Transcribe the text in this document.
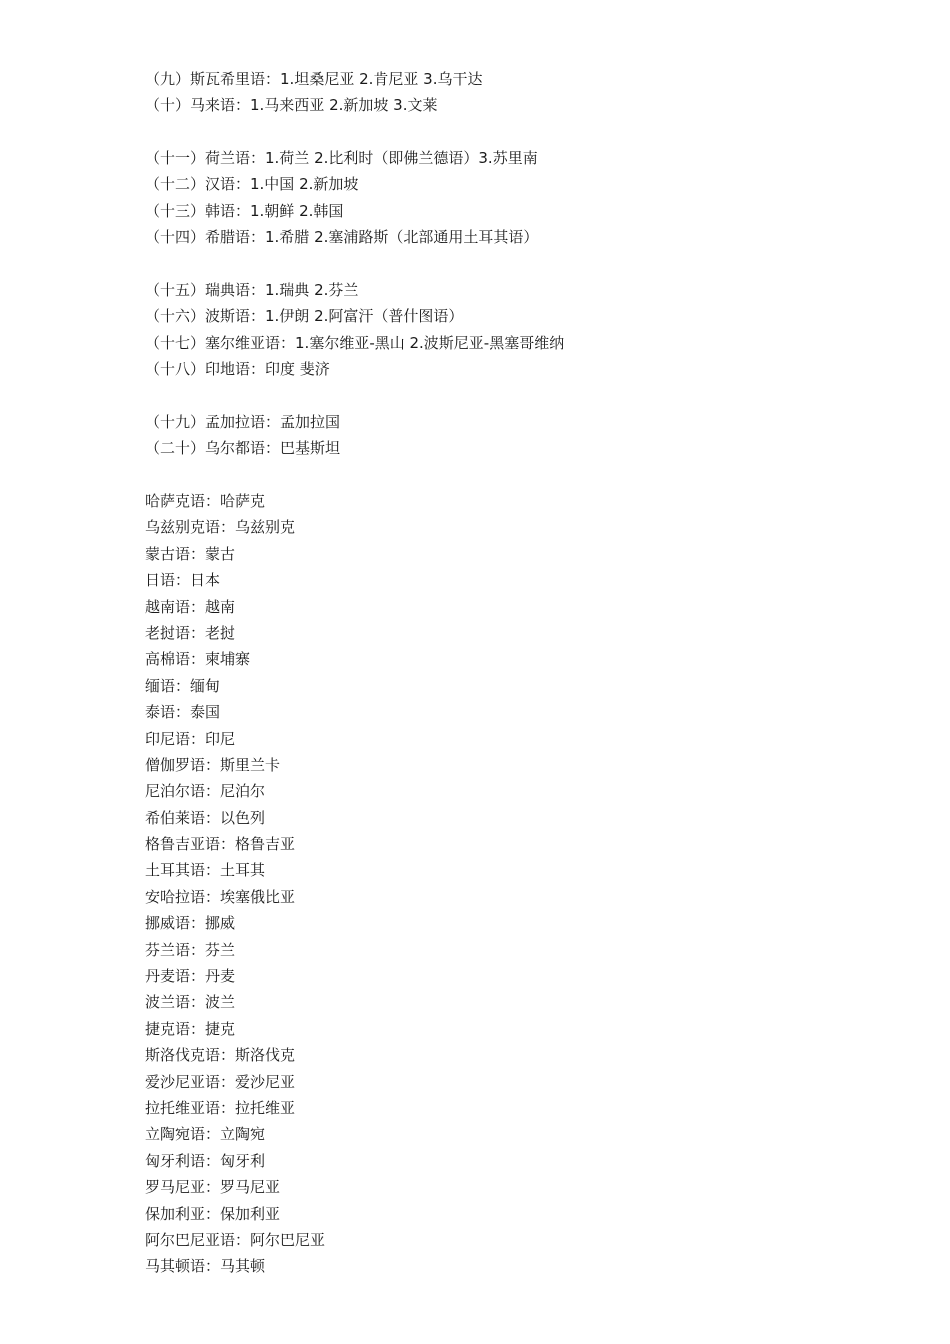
（九）斯瓦希里语：1.坦桑尼亚 2.肯尼亚 3.乌干达
（十）马来语：1.马来西亚 2.新加坡 3.文莱
（十一）荷兰语：1.荷兰 2.比利时（即佛兰德语）3.苏里南
（十二）汉语：1.中国 2.新加坡
（十三）韩语：1.朝鲜 2.韩国
（十四）希腊语：1.希腊 2.塞浦路斯（北部通用土耳其语）
（十五）瑞典语：1.瑞典 2.芬兰
（十六）波斯语：1.伊朗 2.阿富汗（普什图语）
（十七）塞尔维亚语：1.塞尔维亚-黑山 2.波斯尼亚-黑塞哥维纳
（十八）印地语：印度 斐济
（十九）孟加拉语：孟加拉国
（二十）乌尔都语：巴基斯坦
哈萨克语：哈萨克
乌兹别克语：乌兹别克
蒙古语：蒙古
日语：日本
越南语：越南
老挝语：老挝
高棉语：柬埔寨
缅语：缅甸
泰语：泰国
印尼语：印尼
僧伽罗语：斯里兰卡
尼泊尔语：尼泊尔
希伯莱语：以色列
格鲁吉亚语：格鲁吉亚
土耳其语：土耳其
安哈拉语：埃塞俄比亚
挪威语：挪威
芬兰语：芬兰
丹麦语：丹麦
波兰语：波兰
捷克语：捷克
斯洛伐克语：斯洛伐克
爱沙尼亚语：爱沙尼亚
拉托维亚语：拉托维亚
立陶宛语：立陶宛
匈牙利语：匈牙利
罗马尼亚：罗马尼亚
保加利亚：保加利亚
阿尔巴尼亚语：阿尔巴尼亚
马其顿语：马其顿
